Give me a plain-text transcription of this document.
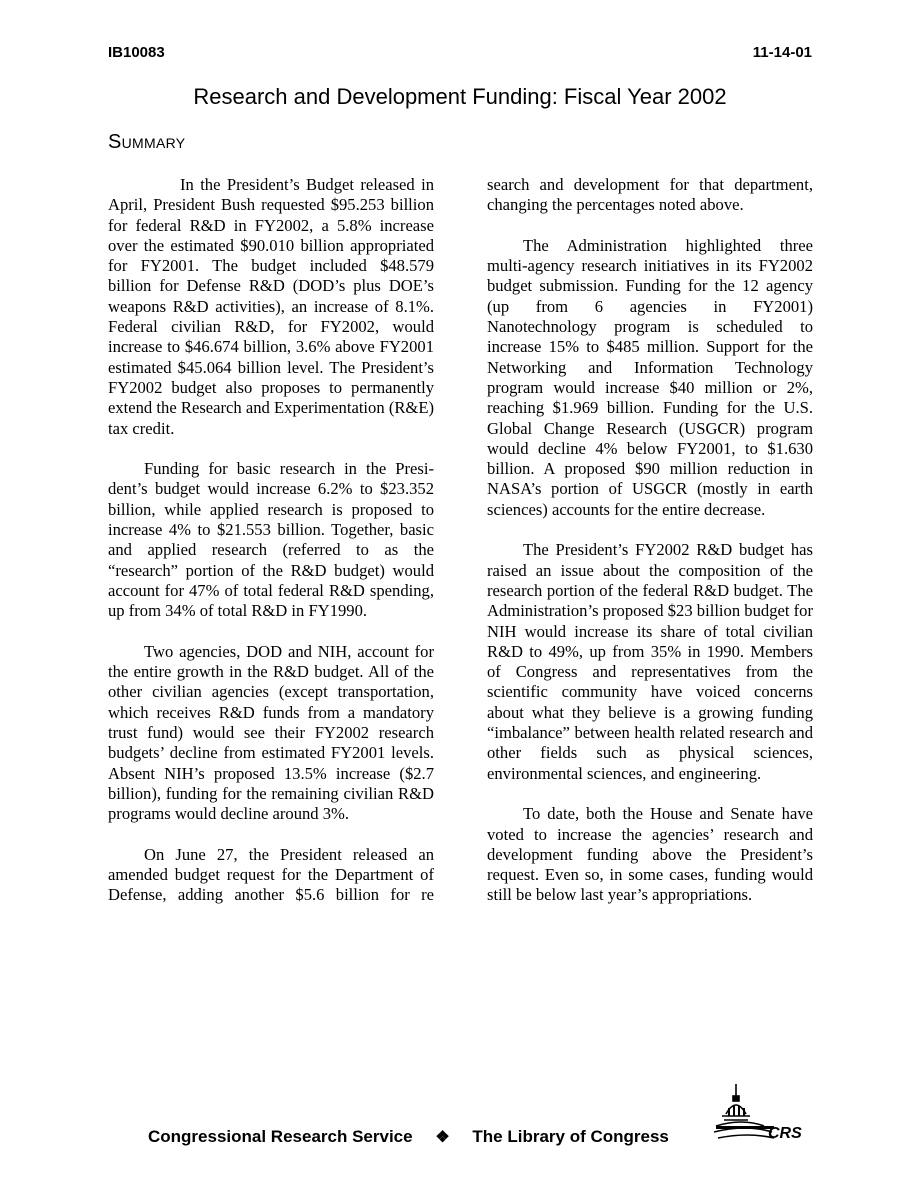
IB10083	11-14-01
Research and Development Funding: Fiscal Year 2002
Summary

In the President’s Budget released in April, President Bush requested $95.253 billion for federal R&D in FY2002, a 5.8% increase over the estimated $90.010 billion appropriated for FY2001. The budget included $48.579 billion for Defense R&D (DOD’s plus DOE’s weapons R&D activities), an increase of 8.1%. Federal civilian R&D, for FY2002, would increase to $46.674 billion, 3.6% above FY2001 estimated $45.064 billion level. The President’s FY2002 budget also proposes to permanently extend the Research and Experimentation (R&E) tax credit.

Funding for basic research in the President’s budget would increase 6.2% to $23.352 billion, while applied research is proposed to increase 4% to $21.553 billion. Together, basic and applied research (referred to as the “research” portion of the R&D budget) would account for 47% of total federal R&D spending, up from 34% of total R&D in FY1990.

Two agencies, DOD and NIH, account for the entire growth in the R&D budget. All of the other civilian agencies (except transportation, which receives R&D funds from a mandatory trust fund) would see their FY2002 research budgets’ decline from estimated FY2001 levels. Absent NIH’s proposed 13.5% increase ($2.7 billion), funding for the remaining civilian R&D programs would decline around 3%.

On June 27, the President released an amended budget request for the Department of Defense, adding another $5.6 billion for re

search and development for that department, changing the percentages noted above.

The Administration highlighted three multi-agency research initiatives in its FY2002 budget submission. Funding for the 12 agency (up from 6 agencies in FY2001) Nanotechnology program is scheduled to increase 15% to $485 million. Support for the Networking and Information Technology program would increase $40 million or 2%, reaching $1.969 billion. Funding for the U.S. Global Change Research (USGCR) program would decline 4% below FY2001, to $1.630 billion. A proposed $90 million reduction in NASA’s portion of USGCR (mostly in earth sciences) accounts for the entire decrease.

The President’s FY2002 R&D budget has raised an issue about the composition of the research portion of the federal R&D budget. The Administration’s proposed $23 billion budget for NIH would increase its share of total civilian R&D to 49%, up from 35% in 1990. Members of Congress and representatives from the scientific community have voiced concerns about what they believe is a growing funding “imbalance” between health related research and other fields such as physical sciences, environmental sciences, and engineering.

To date, both the House and Senate have voted to increase the agencies’ research and development funding above the President’s request. Even so, in some cases, funding would still be below last year’s appropriations.

Congressional Research Service ❖ The Library of Congress	CRS
